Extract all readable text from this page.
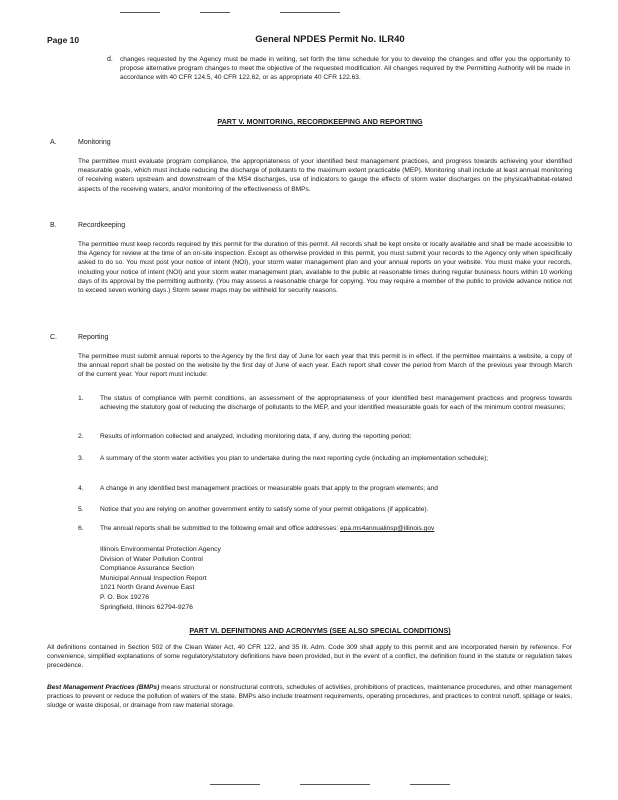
Page 10	General NPDES Permit No. ILR40
d. changes requested by the Agency must be made in writing, set forth the time schedule for you to develop the changes and offer you the opportunity to propose alternative program changes to meet the objective of the requested modification. All changes required by the Permitting Authority will be made in accordance with 40 CFR 124.5, 40 CFR 122.62, or as appropriate 40 CFR 122.63.
PART V. MONITORING, RECORDKEEPING AND REPORTING
A.	Monitoring
The permittee must evaluate program compliance, the appropriateness of your identified best management practices, and progress towards achieving your identified measurable goals, which must include reducing the discharge of pollutants to the maximum extent practicable (MEP). Monitoring shall include at least annual monitoring of receiving waters upstream and downstream of the MS4 discharges, use of indicators to gauge the effects of storm water discharges on the physical/habitat-related aspects of the receiving waters, and/or monitoring of the effectiveness of BMPs.
B.	Recordkeeping
The permittee must keep records required by this permit for the duration of this permit. All records shall be kept onsite or locally available and shall be made accessible to the Agency for review at the time of an on-site inspection. Except as otherwise provided in this permit, you must submit your records to the Agency only when specifically asked to do so. You must post your notice of intent (NOI), your storm water management plan and your annual reports on your website. You must make your records, including your notice of intent (NOI) and your storm water management plan, available to the public at reasonable times during regular business hours within 10 working days of its approval by the permitting authority. (You may assess a reasonable charge for copying. You may require a member of the public to provide advance notice not to exceed seven working days.) Storm sewer maps may be withheld for security reasons.
C.	Reporting
The permittee must submit annual reports to the Agency by the first day of June for each year that this permit is in effect. If the permittee maintains a website, a copy of the annual report shall be posted on the website by the first day of June of each year. Each report shall cover the period from March of the previous year through March of the current year. Your report must include:
1. The status of compliance with permit conditions, an assessment of the appropriateness of your identified best management practices and progress towards achieving the statutory goal of reducing the discharge of pollutants to the MEP, and your identified measurable goals for each of the minimum control measures;
2. Results of information collected and analyzed, including monitoring data, if any, during the reporting period;
3. A summary of the storm water activities you plan to undertake during the next reporting cycle (including an implementation schedule);
4. A change in any identified best management practices or measurable goals that apply to the program elements; and
5. Notice that you are relying on another government entity to satisfy some of your permit obligations (if applicable).
6. The annual reports shall be submitted to the following email and office addresses: epa.ms4annualinsp@illinois.gov
Illinois Environmental Protection Agency
Division of Water Pollution Control
Compliance Assurance Section
Municipal Annual Inspection Report
1021 North Grand Avenue East
P. O. Box 19276
Springfield, Illinois 62794-9276
PART VI. DEFINITIONS AND ACRONYMS (SEE ALSO SPECIAL CONDITIONS)
All definitions contained in Section 502 of the Clean Water Act, 40 CFR 122, and 35 Ill. Adm. Code 309 shall apply to this permit and are incorporated herein by reference. For convenience, simplified explanations of some regulatory/statutory definitions have been provided, but in the event of a conflict, the definition found in the statute or regulation takes precedence.
Best Management Practices (BMPs) means structural or nonstructural controls, schedules of activities, prohibitions of practices, maintenance procedures, and other management practices to prevent or reduce the pollution of waters of the state. BMPs also include treatment requirements, operating procedures, and practices to control runoff, spillage or leaks, sludge or waste disposal, or drainage from raw material storage.
